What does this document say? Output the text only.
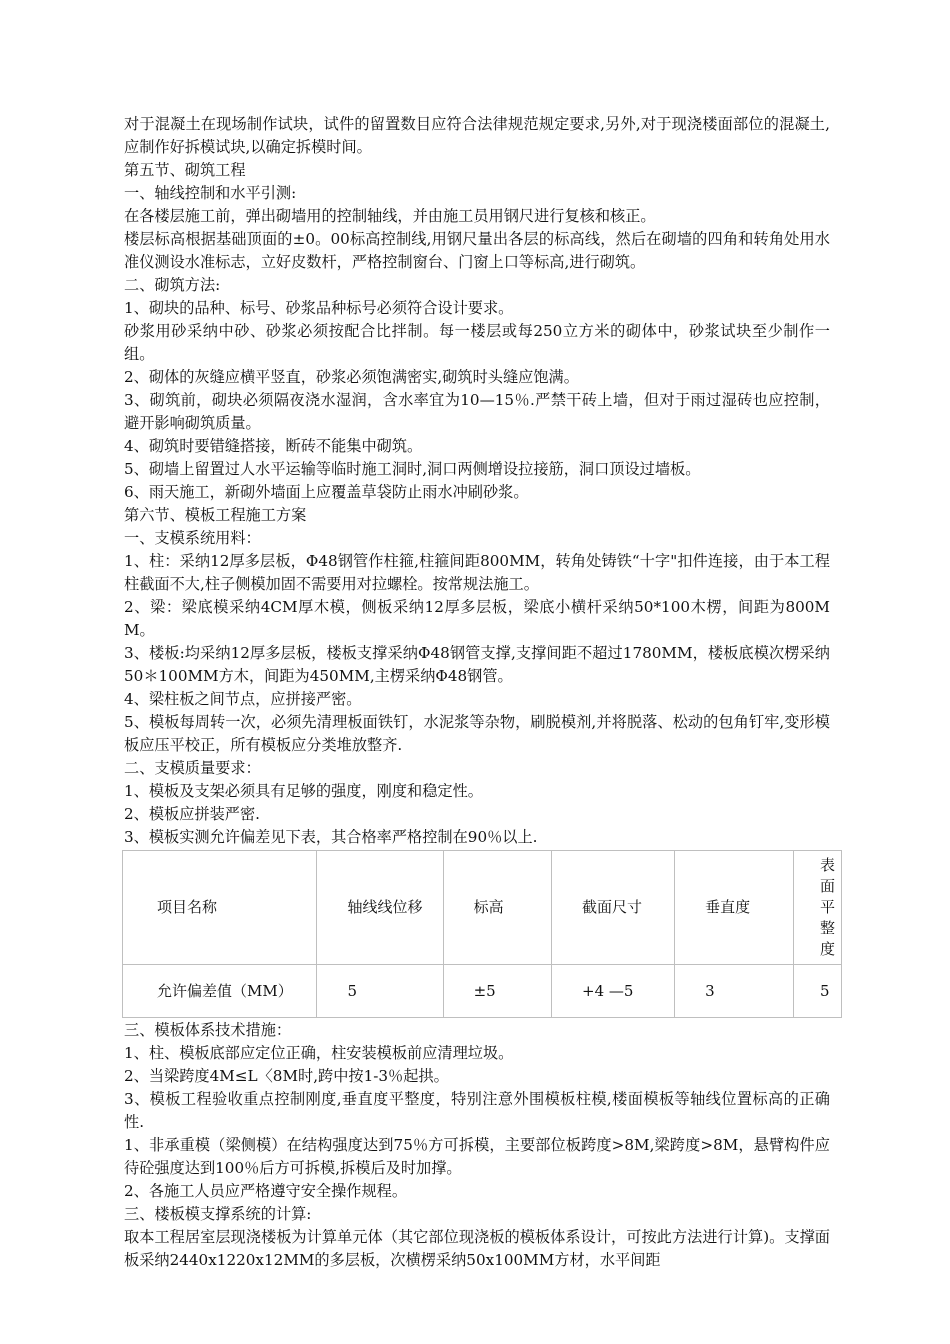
对于混凝土在现场制作试块，试件的留置数目应符合法律规范规定要求,另外,对于现浇楼面部位的混凝土,应制作好拆模试块,以确定拆模时间。

第五节、砌筑工程

一、轴线控制和水平引测:

在各楼层施工前，弹出砌墙用的控制轴线，并由施工员用钢尺进行复核和核正。

楼层标高根据基础顶面的±0。00标高控制线,用钢尺量出各层的标高线，然后在砌墙的四角和转角处用水准仪测设水准标志，立好皮数杆，严格控制窗台、门窗上口等标高,进行砌筑。

二、砌筑方法:

1、砌块的品种、标号、砂浆品种标号必须符合设计要求。

砂浆用砂采纳中砂、砂浆必须按配合比拌制。每一楼层或每250立方米的砌体中，砂浆试块至少制作一组。

2、砌体的灰缝应横平竖直，砂浆必须饱满密实,砌筑时头缝应饱满。

3、砌筑前，砌块必须隔夜浇水湿润，含水率宜为10—15％.严禁干砖上墙，但对于雨过湿砖也应控制，避开影响砌筑质量。

4、砌筑时要错缝搭接，断砖不能集中砌筑。

5、砌墙上留置过人水平运输等临时施工洞时,洞口两侧增设拉接筋，洞口顶设过墙板。

6、雨天施工，新砌外墙面上应覆盖草袋防止雨水冲刷砂浆。

第六节、模板工程施工方案

一、支模系统用料：

1、柱：采纳12厚多层板，Φ48钢管作柱箍,柱箍间距800MM，转角处铸铁“十字"扣件连接，由于本工程柱截面不大,柱子侧模加固不需要用对拉螺栓。按常规法施工。

2、梁：梁底模采纳4CM厚木模，侧板采纳12厚多层板，梁底小横杆采纳50*100木楞，间距为800MM。

3、楼板:均采纳12厚多层板，楼板支撑采纳Φ48钢管支撑,支撑间距不超过1780MM，楼板底模次楞采纳50＊100MM方木，间距为450MM,主楞采纳Φ48钢管。

4、梁柱板之间节点，应拼接严密。

5、模板每周转一次，必须先清理板面铁钉，水泥浆等杂物，刷脱模剂,并将脱落、松动的包角钉牢,变形模板应压平校正，所有模板应分类堆放整齐.

二、支模质量要求：

1、模板及支架必须具有足够的强度，刚度和稳定性。

2、模板应拼装严密.

3、模板实测允许偏差见下表，其合格率严格控制在90％以上.

项目名称	轴线线位移	标高	截面尺寸	垂直度	表面平整度
允许偏差值（MM）	5	±5	+4 —5	3	5

三、模板体系技术措施：

1、柱、模板底部应定位正确，柱安装模板前应清理垃圾。

2、当梁跨度4M≤L〈8M时,跨中按1-3％起拱。

3、模板工程验收重点控制刚度,垂直度平整度，特别注意外围模板柱模,楼面模板等轴线位置标高的正确性.

1、非承重模（梁侧模）在结构强度达到75％方可拆模，主要部位板跨度>8M,梁跨度>8M，悬臂构件应待砼强度达到100％后方可拆模,拆模后及时加撑。

2、各施工人员应严格遵守安全操作规程。

三、楼板模支撑系统的计算:

取本工程居室层现浇楼板为计算单元体（其它部位现浇板的模板体系设计，可按此方法进行计算)。支撑面板采纳2440x1220x12MM的多层板，次横楞采纳50x100MM方材，水平间距
